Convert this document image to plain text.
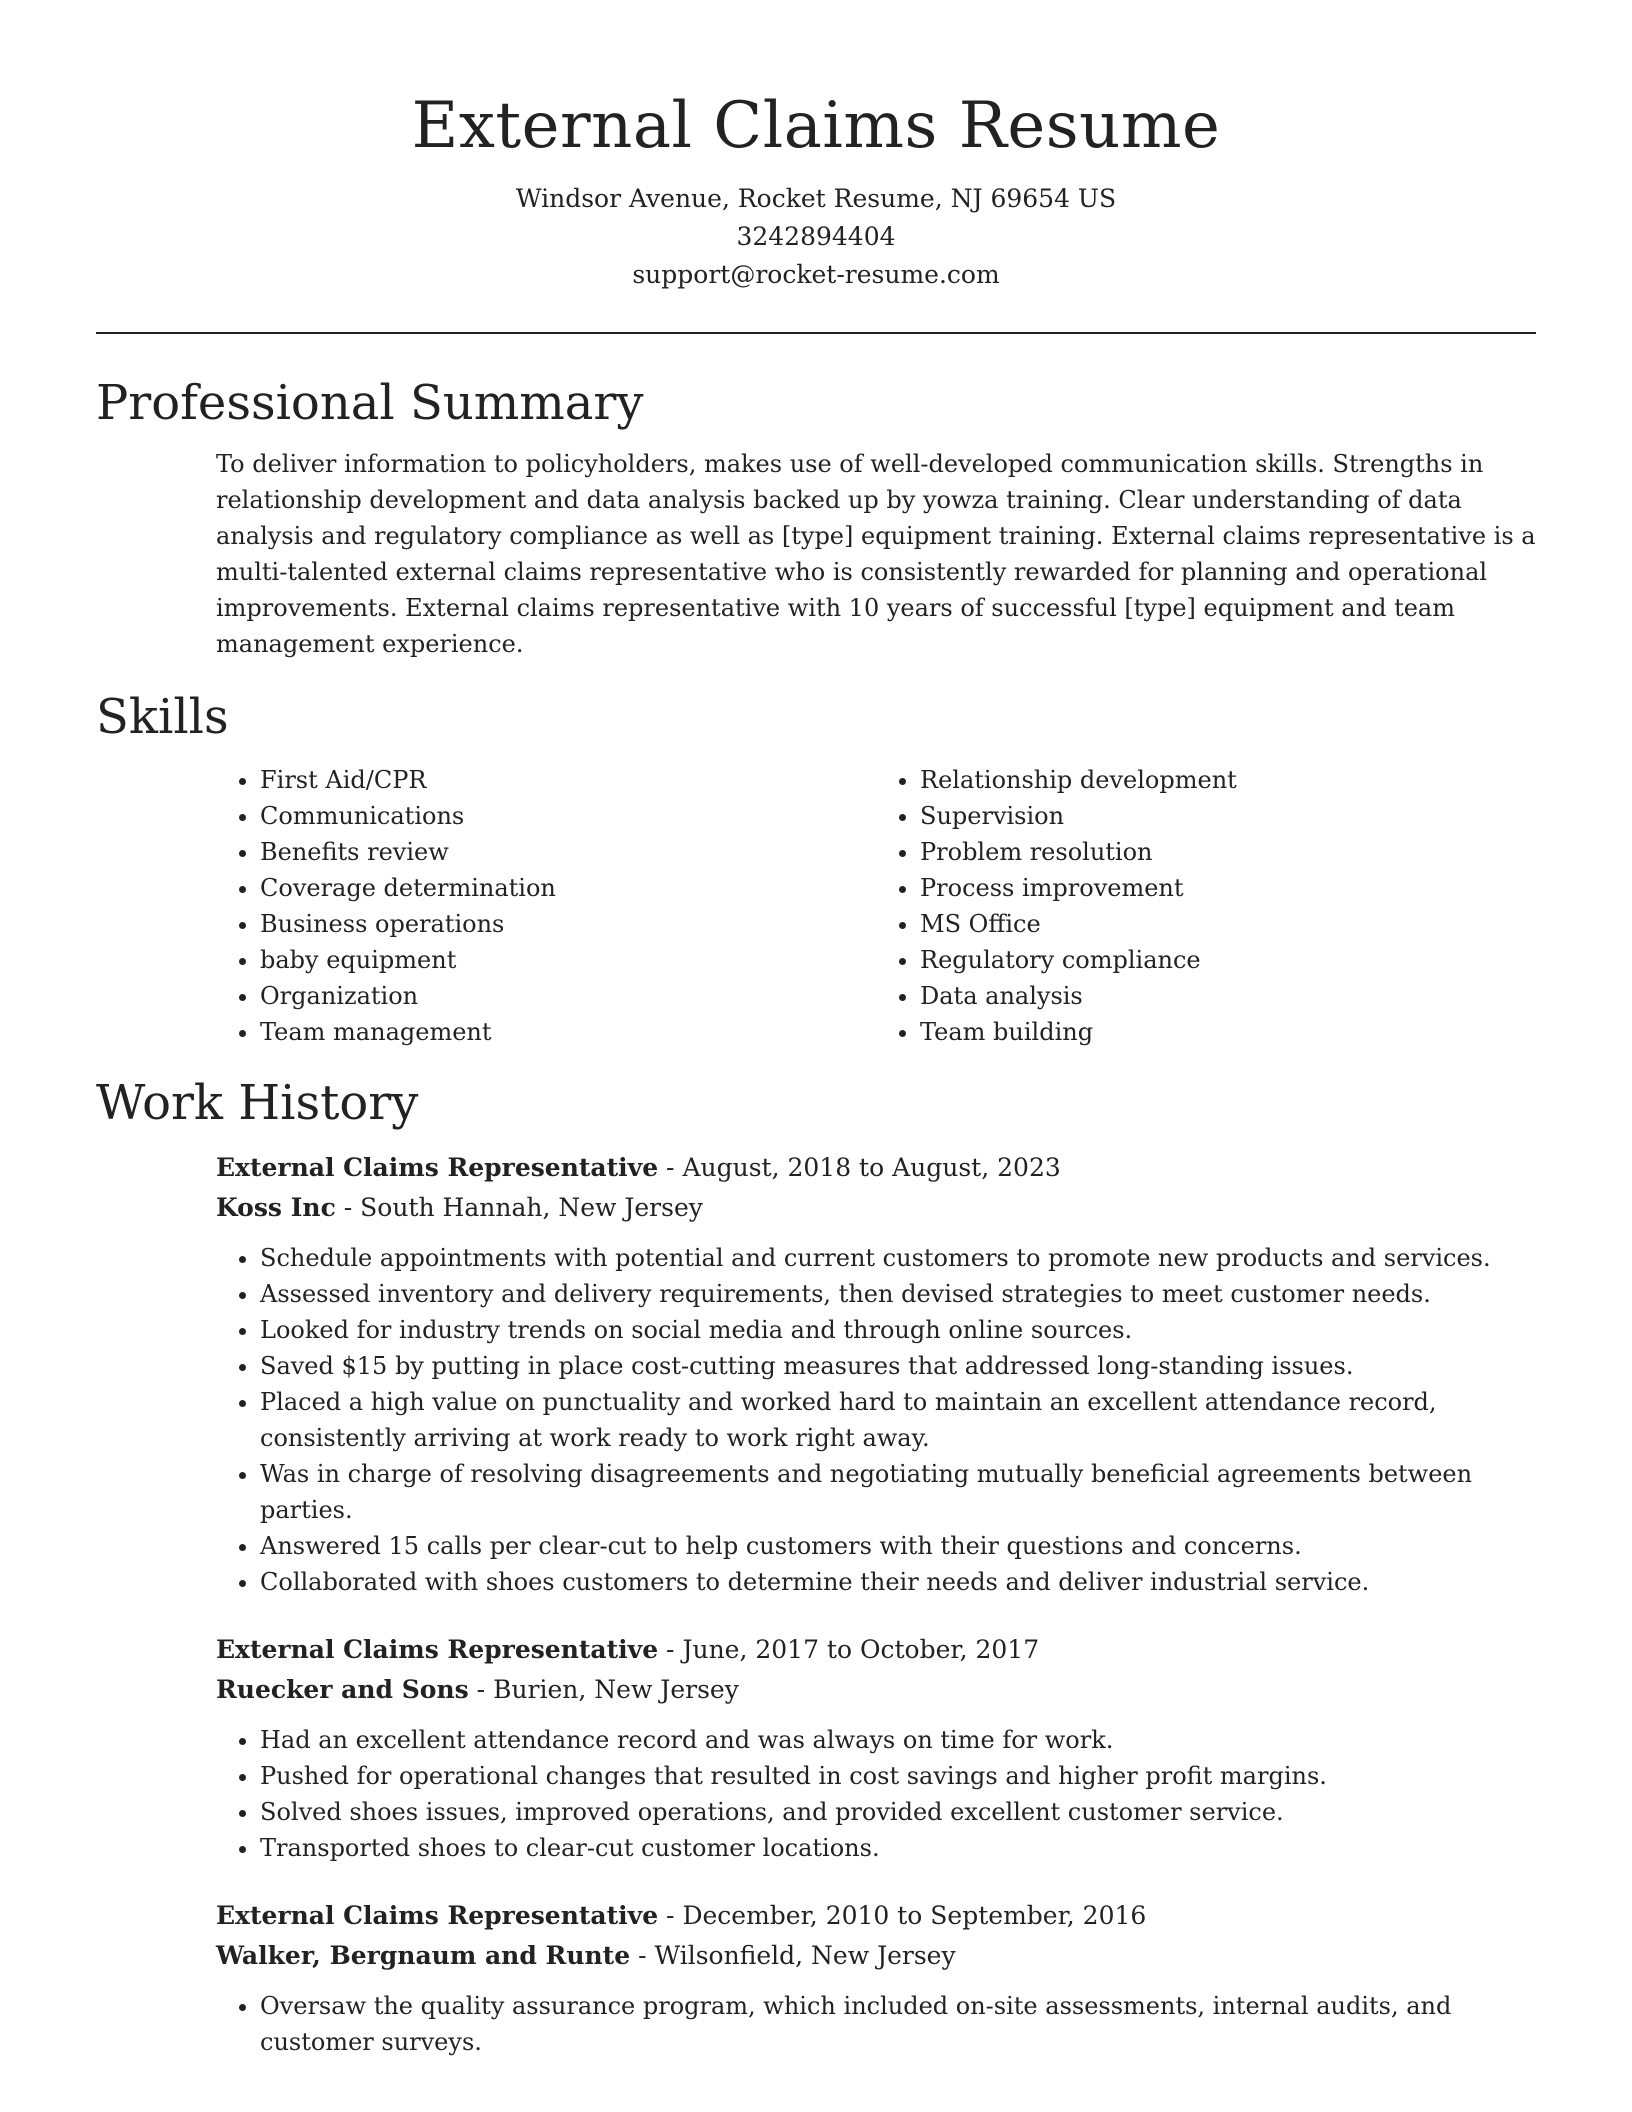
External Claims Resume

Windsor Avenue, Rocket Resume, NJ 69654 US

3242894404

support@rocket-resume.com

Professional Summary

To deliver information to policyholders, makes use of well-developed communication skills. Strengths in relationship development and data analysis backed up by yowza training. Clear understanding of data analysis and regulatory compliance as well as [type] equipment training. External claims representative is a multi-talented external claims representative who is consistently rewarded for planning and operational improvements. External claims representative with 10 years of successful [type] equipment and team management experience.

Skills
• First Aid/CPR
• Communications
• Benefits review
• Coverage determination
• Business operations
• baby equipment
• Organization
• Team management
• Relationship development
• Supervision
• Problem resolution
• Process improvement
• MS Office
• Regulatory compliance
• Data analysis
• Team building
Work History

External Claims Representative - August, 2018 to August, 2023

Koss Inc - South Hannah, New Jersey

• Schedule appointments with potential and current customers to promote new products and services.
• Assessed inventory and delivery requirements, then devised strategies to meet customer needs.
• Looked for industry trends on social media and through online sources.
• Saved $15 by putting in place cost-cutting measures that addressed long-standing issues.
• Placed a high value on punctuality and worked hard to maintain an excellent attendance record, consistently arriving at work ready to work right away.
• Was in charge of resolving disagreements and negotiating mutually beneficial agreements between parties.
• Answered 15 calls per clear-cut to help customers with their questions and concerns.
• Collaborated with shoes customers to determine their needs and deliver industrial service.

External Claims Representative - June, 2017 to October, 2017

Ruecker and Sons - Burien, New Jersey

• Had an excellent attendance record and was always on time for work.
• Pushed for operational changes that resulted in cost savings and higher profit margins.
• Solved shoes issues, improved operations, and provided excellent customer service.
• Transported shoes to clear-cut customer locations.

External Claims Representative - December, 2010 to September, 2016

Walker, Bergnaum and Runte - Wilsonfield, New Jersey

• Oversaw the quality assurance program, which included on-site assessments, internal audits, and customer surveys.
